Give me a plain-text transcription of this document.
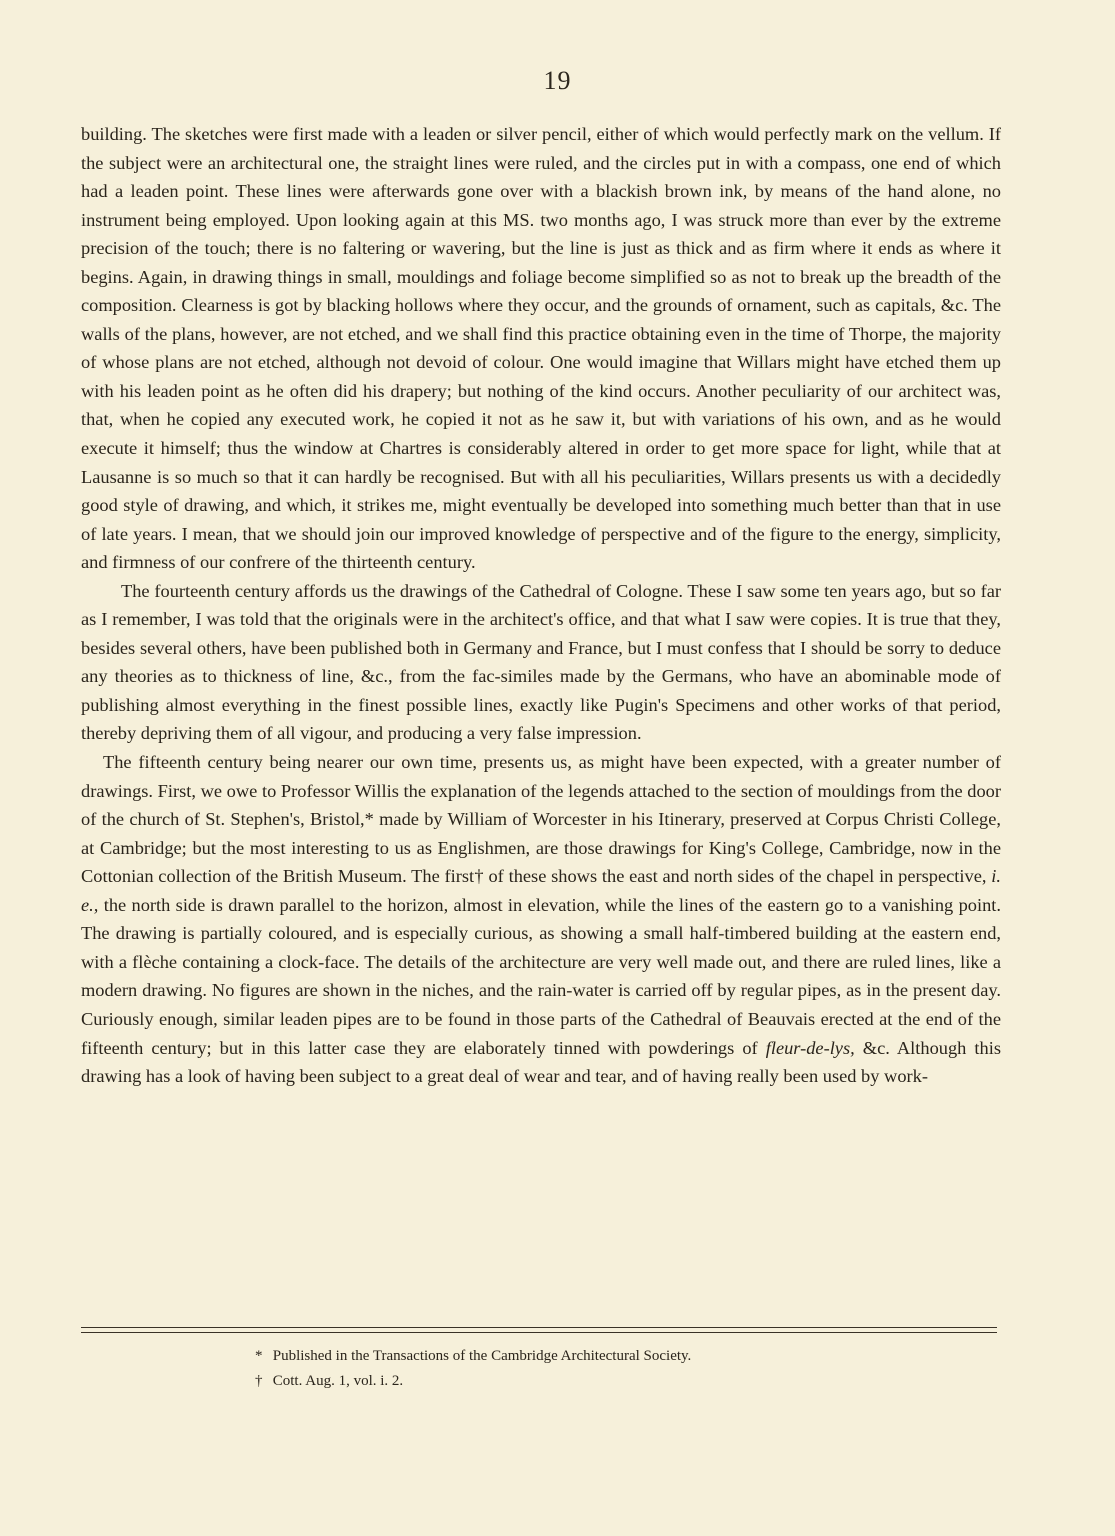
19

building. The sketches were first made with a leaden or silver pencil, either of which would perfectly mark on the vellum. If the subject were an architectural one, the straight lines were ruled, and the circles put in with a compass, one end of which had a leaden point. These lines were afterwards gone over with a blackish brown ink, by means of the hand alone, no instrument being employed. Upon looking again at this MS. two months ago, I was struck more than ever by the extreme precision of the touch; there is no faltering or wavering, but the line is just as thick and as firm where it ends as where it begins. Again, in drawing things in small, mouldings and foliage become simplified so as not to break up the breadth of the composition. Clearness is got by blacking hollows where they occur, and the grounds of ornament, such as capitals, &c. The walls of the plans, however, are not etched, and we shall find this practice obtaining even in the time of Thorpe, the majority of whose plans are not etched, although not devoid of colour. One would imagine that Willars might have etched them up with his leaden point as he often did his drapery; but nothing of the kind occurs. Another peculiarity of our architect was, that, when he copied any executed work, he copied it not as he saw it, but with variations of his own, and as he would execute it himself; thus the window at Chartres is considerably altered in order to get more space for light, while that at Lausanne is so much so that it can hardly be recognised. But with all his peculiarities, Willars presents us with a decidedly good style of drawing, and which, it strikes me, might eventually be developed into something much better than that in use of late years. I mean, that we should join our improved knowledge of perspective and of the figure to the energy, simplicity, and firmness of our confrere of the thirteenth century.

The fourteenth century affords us the drawings of the Cathedral of Cologne. These I saw some ten years ago, but so far as I remember, I was told that the originals were in the architect's office, and that what I saw were copies. It is true that they, besides several others, have been published both in Germany and France, but I must confess that I should be sorry to deduce any theories as to thickness of line, &c., from the fac-similes made by the Germans, who have an abominable mode of publishing almost everything in the finest possible lines, exactly like Pugin's Specimens and other works of that period, thereby depriving them of all vigour, and producing a very false impression.

The fifteenth century being nearer our own time, presents us, as might have been expected, with a greater number of drawings. First, we owe to Professor Willis the explanation of the legends attached to the section of mouldings from the door of the church of St. Stephen's, Bristol,* made by William of Worcester in his Itinerary, preserved at Corpus Christi College, at Cambridge; but the most interesting to us as Englishmen, are those drawings for King's College, Cambridge, now in the Cottonian collection of the British Museum. The first† of these shows the east and north sides of the chapel in perspective, i. e., the north side is drawn parallel to the horizon, almost in elevation, while the lines of the eastern go to a vanishing point. The drawing is partially coloured, and is especially curious, as showing a small half-timbered building at the eastern end, with a flèche containing a clock-face. The details of the architecture are very well made out, and there are ruled lines, like a modern drawing. No figures are shown in the niches, and the rain-water is carried off by regular pipes, as in the present day. Curiously enough, similar leaden pipes are to be found in those parts of the Cathedral of Beauvais erected at the end of the fifteenth century; but in this latter case they are elaborately tinned with powderings of fleur-de-lys, &c. Although this drawing has a look of having been subject to a great deal of wear and tear, and of having really been used by work-

* Published in the Transactions of the Cambridge Architectural Society.
† Cott. Aug. 1, vol. i. 2.
